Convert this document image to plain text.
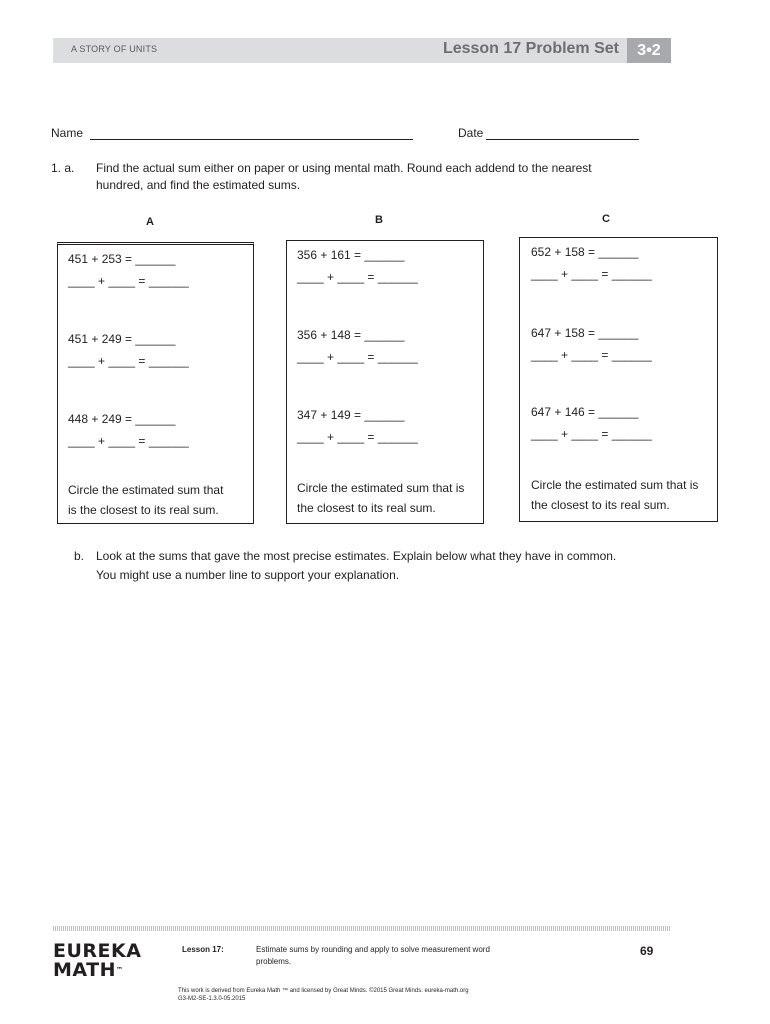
A STORY OF UNITS	Lesson 17 Problem Set	3•2
Name	Date
1. a. Find the actual sum either on paper or using mental math. Round each addend to the nearest
hundred, and find the estimated sums.
A	B	C
451 + 253 = ______
____ + ____ = ______
451 + 249 = ______
____ + ____ = ______
448 + 249 = ______
____ + ____ = ______
Circle the estimated sum that
is the closest to its real sum.
356 + 161 = ______
____ + ____ = ______
356 + 148 = ______
____ + ____ = ______
347 + 149 = ______
____ + ____ = ______
Circle the estimated sum that is
the closest to its real sum.
652 + 158 = ______
____ + ____ = ______
647 + 158 = ______
____ + ____ = ______
647 + 146 = ______
____ + ____ = ______
Circle the estimated sum that is
the closest to its real sum.
b. Look at the sums that gave the most precise estimates. Explain below what they have in common.
You might use a number line to support your explanation.
EUREKA
MATH™
Lesson 17:	Estimate sums by rounding and apply to solve measurement word
problems.
69
This work is derived from Eureka Math ™ and licensed by Great Minds. ©2015 Great Minds. eureka-math.org
G3-M2-SE-1.3.0-05.2015
